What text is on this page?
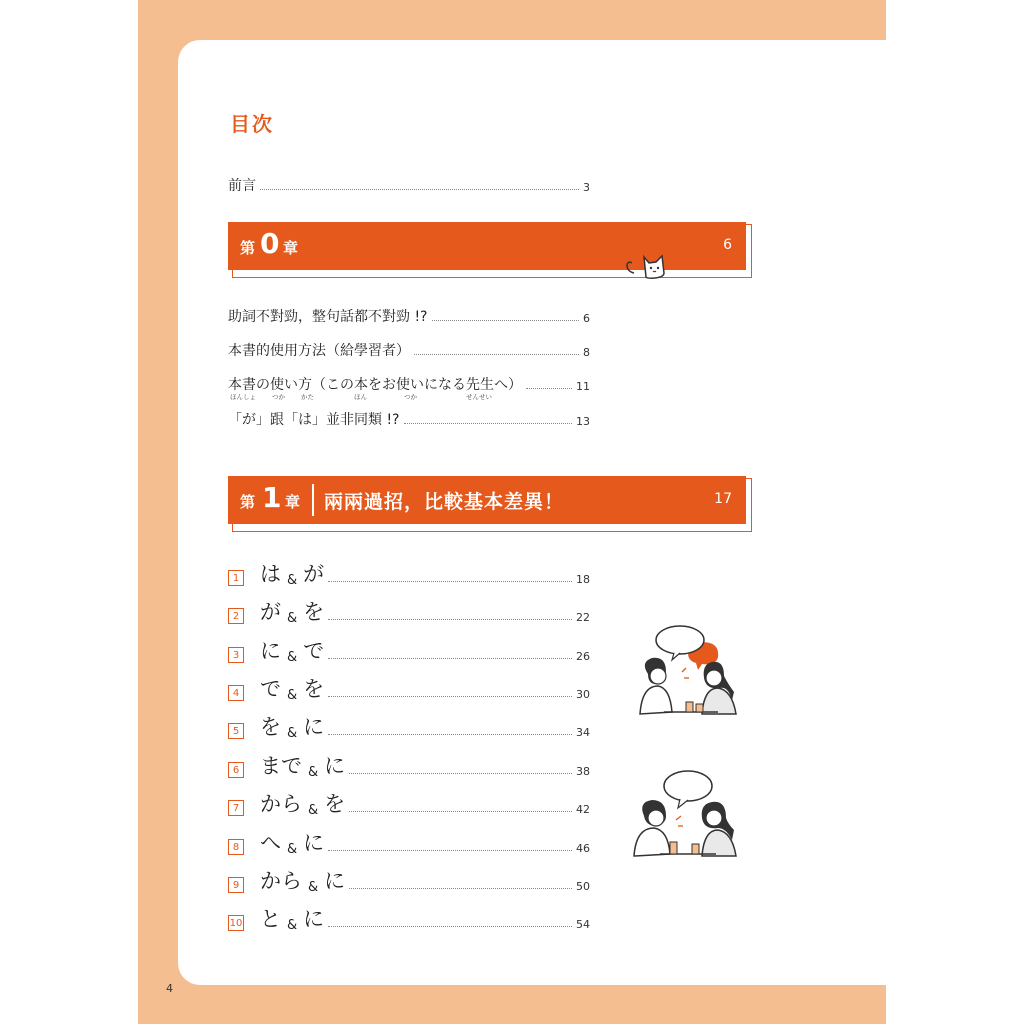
4
目次
前言	3
第 0 章	6
助詞不對勁，整句話都不對勁 !?	6
本書的使用方法（給學習者）	8
本書の使い方（この本をお使いになる先生へ）	11
ほんしょ つか かた	ほん	つか	せんせい
「が」跟「は」並非同類 !?	13
第 1 章 兩兩過招，比較基本差異！	17
1 は & が	18
2 が & を	22
3 に & で	26
4 で & を	30
5 を & に	34
6 まで & に	38
7 から & を	42
8 へ & に	46
9 から & に	50
10 と & に	54
